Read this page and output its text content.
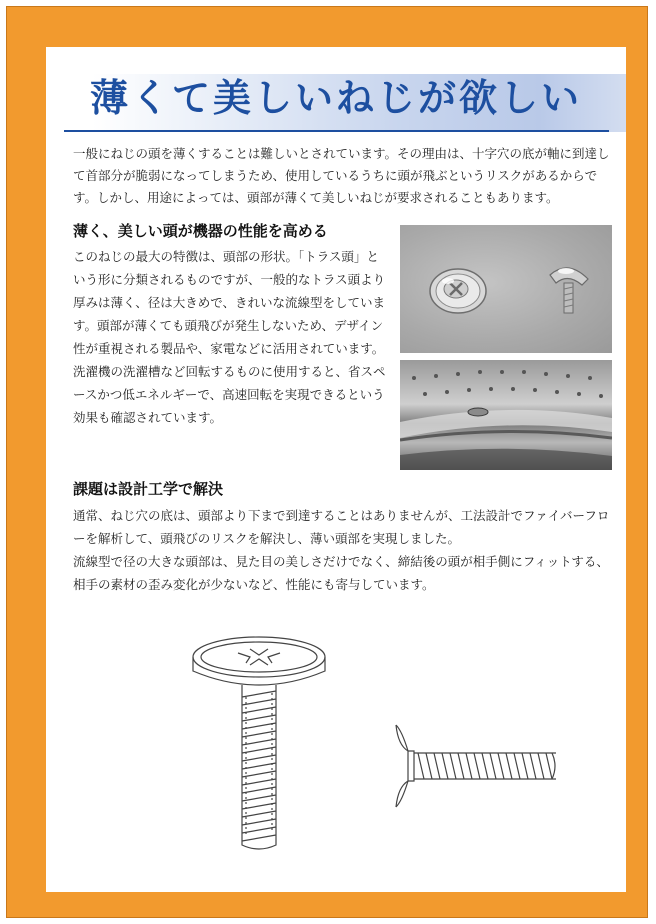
薄くて美しいねじが欲しい

一般にねじの頭を薄くすることは難しいとされています。その理由は、十字穴の底が軸に到達して首部分が脆弱になってしまうため、使用しているうちに頭が飛ぶというリスクがあるからです。しかし、用途によっては、頭部が薄くて美しいねじが要求されることもあります。

薄く、美しい頭が機器の性能を高める

このねじの最大の特徴は、頭部の形状。「トラス頭」という形に分類されるものですが、一般的なトラス頭より厚みは薄く、径は大きめで、きれいな流線型をしています。頭部が薄くても頭飛びが発生しないため、デザイン性が重視される製品や、家電などに活用されています。

洗濯機の洗濯槽など回転するものに使用すると、省スペースかつ低エネルギーで、高速回転を実現できるという効果も確認されています。

課題は設計工学で解決

通常、ねじ穴の底は、頭部より下まで到達することはありませんが、工法設計でファイバーフローを解析して、頭飛びのリスクを解決し、薄い頭部を実現しました。

流線型で径の大きな頭部は、見た目の美しさだけでなく、締結後の頭が相手側にフィットする、相手の素材の歪み変化が少ないなど、性能にも寄与しています。
